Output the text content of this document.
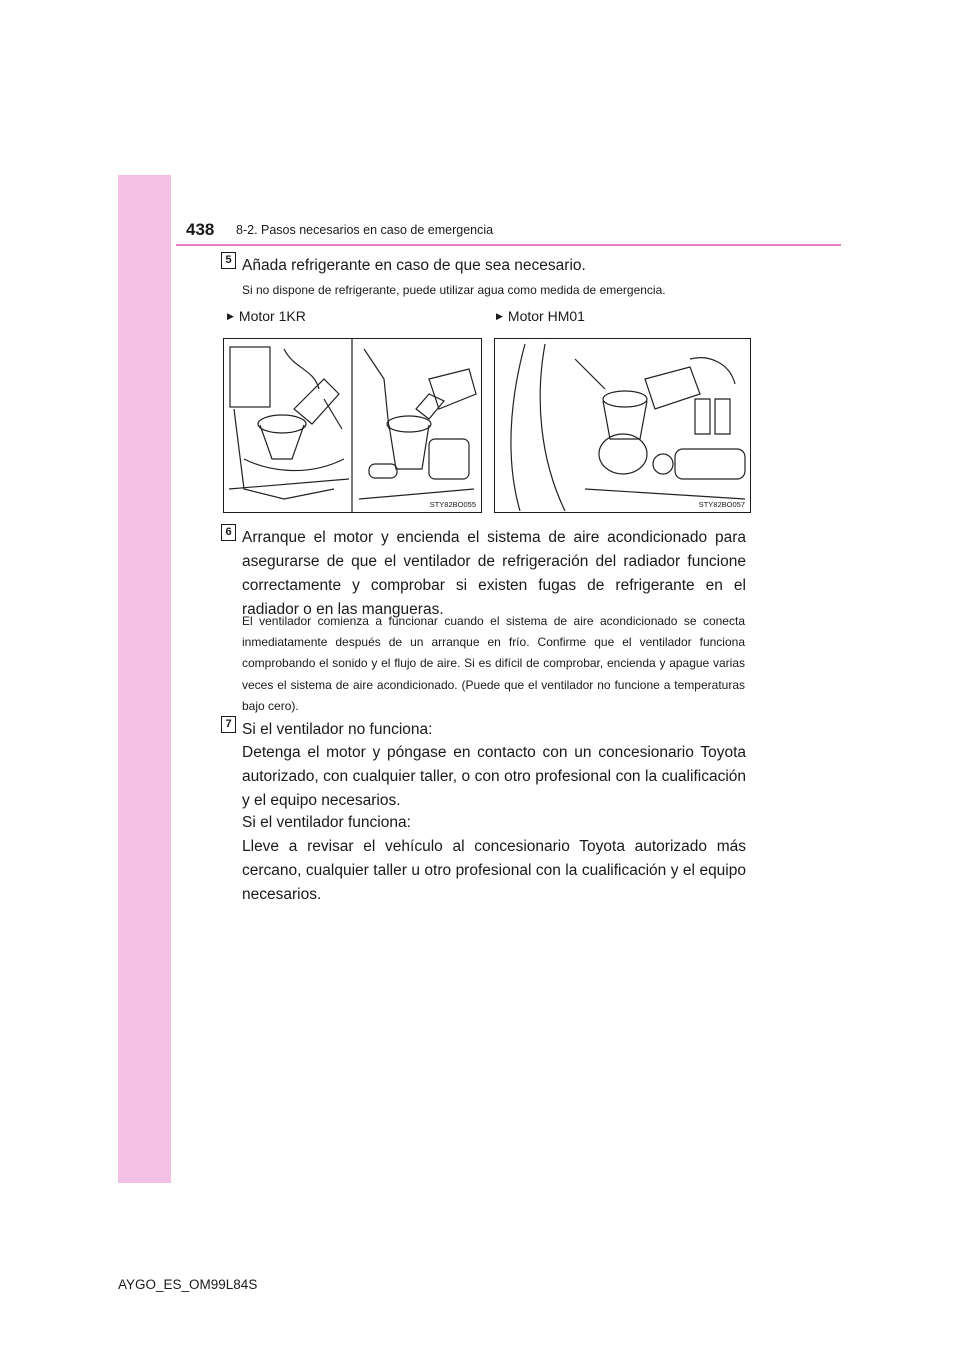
438 8-2. Pasos necesarios en caso de emergencia
5 Añada refrigerante en caso de que sea necesario.
Si no dispone de refrigerante, puede utilizar agua como medida de emergencia.
▶ Motor 1KR	▶ Motor HM01
STY82BO055	STY82BO057
6 Arranque el motor y encienda el sistema de aire acondicionado para asegurarse de que el ventilador de refrigeración del radiador funcione correctamente y comprobar si existen fugas de refrigerante en el radiador o en las mangueras.
El ventilador comienza a funcionar cuando el sistema de aire acondicionado se conecta inmediatamente después de un arranque en frío. Confirme que el ventilador funciona comprobando el sonido y el flujo de aire. Si es difícil de comprobar, encienda y apague varias veces el sistema de aire acondicionado. (Puede que el ventilador no funcione a temperaturas bajo cero).
7 Si el ventilador no funciona:
Detenga el motor y póngase en contacto con un concesionario Toyota autorizado, con cualquier taller, o con otro profesional con la cualificación y el equipo necesarios.
Si el ventilador funciona:
Lleve a revisar el vehículo al concesionario Toyota autorizado más cercano, cualquier taller u otro profesional con la cualificación y el equipo necesarios.
AYGO_ES_OM99L84S
